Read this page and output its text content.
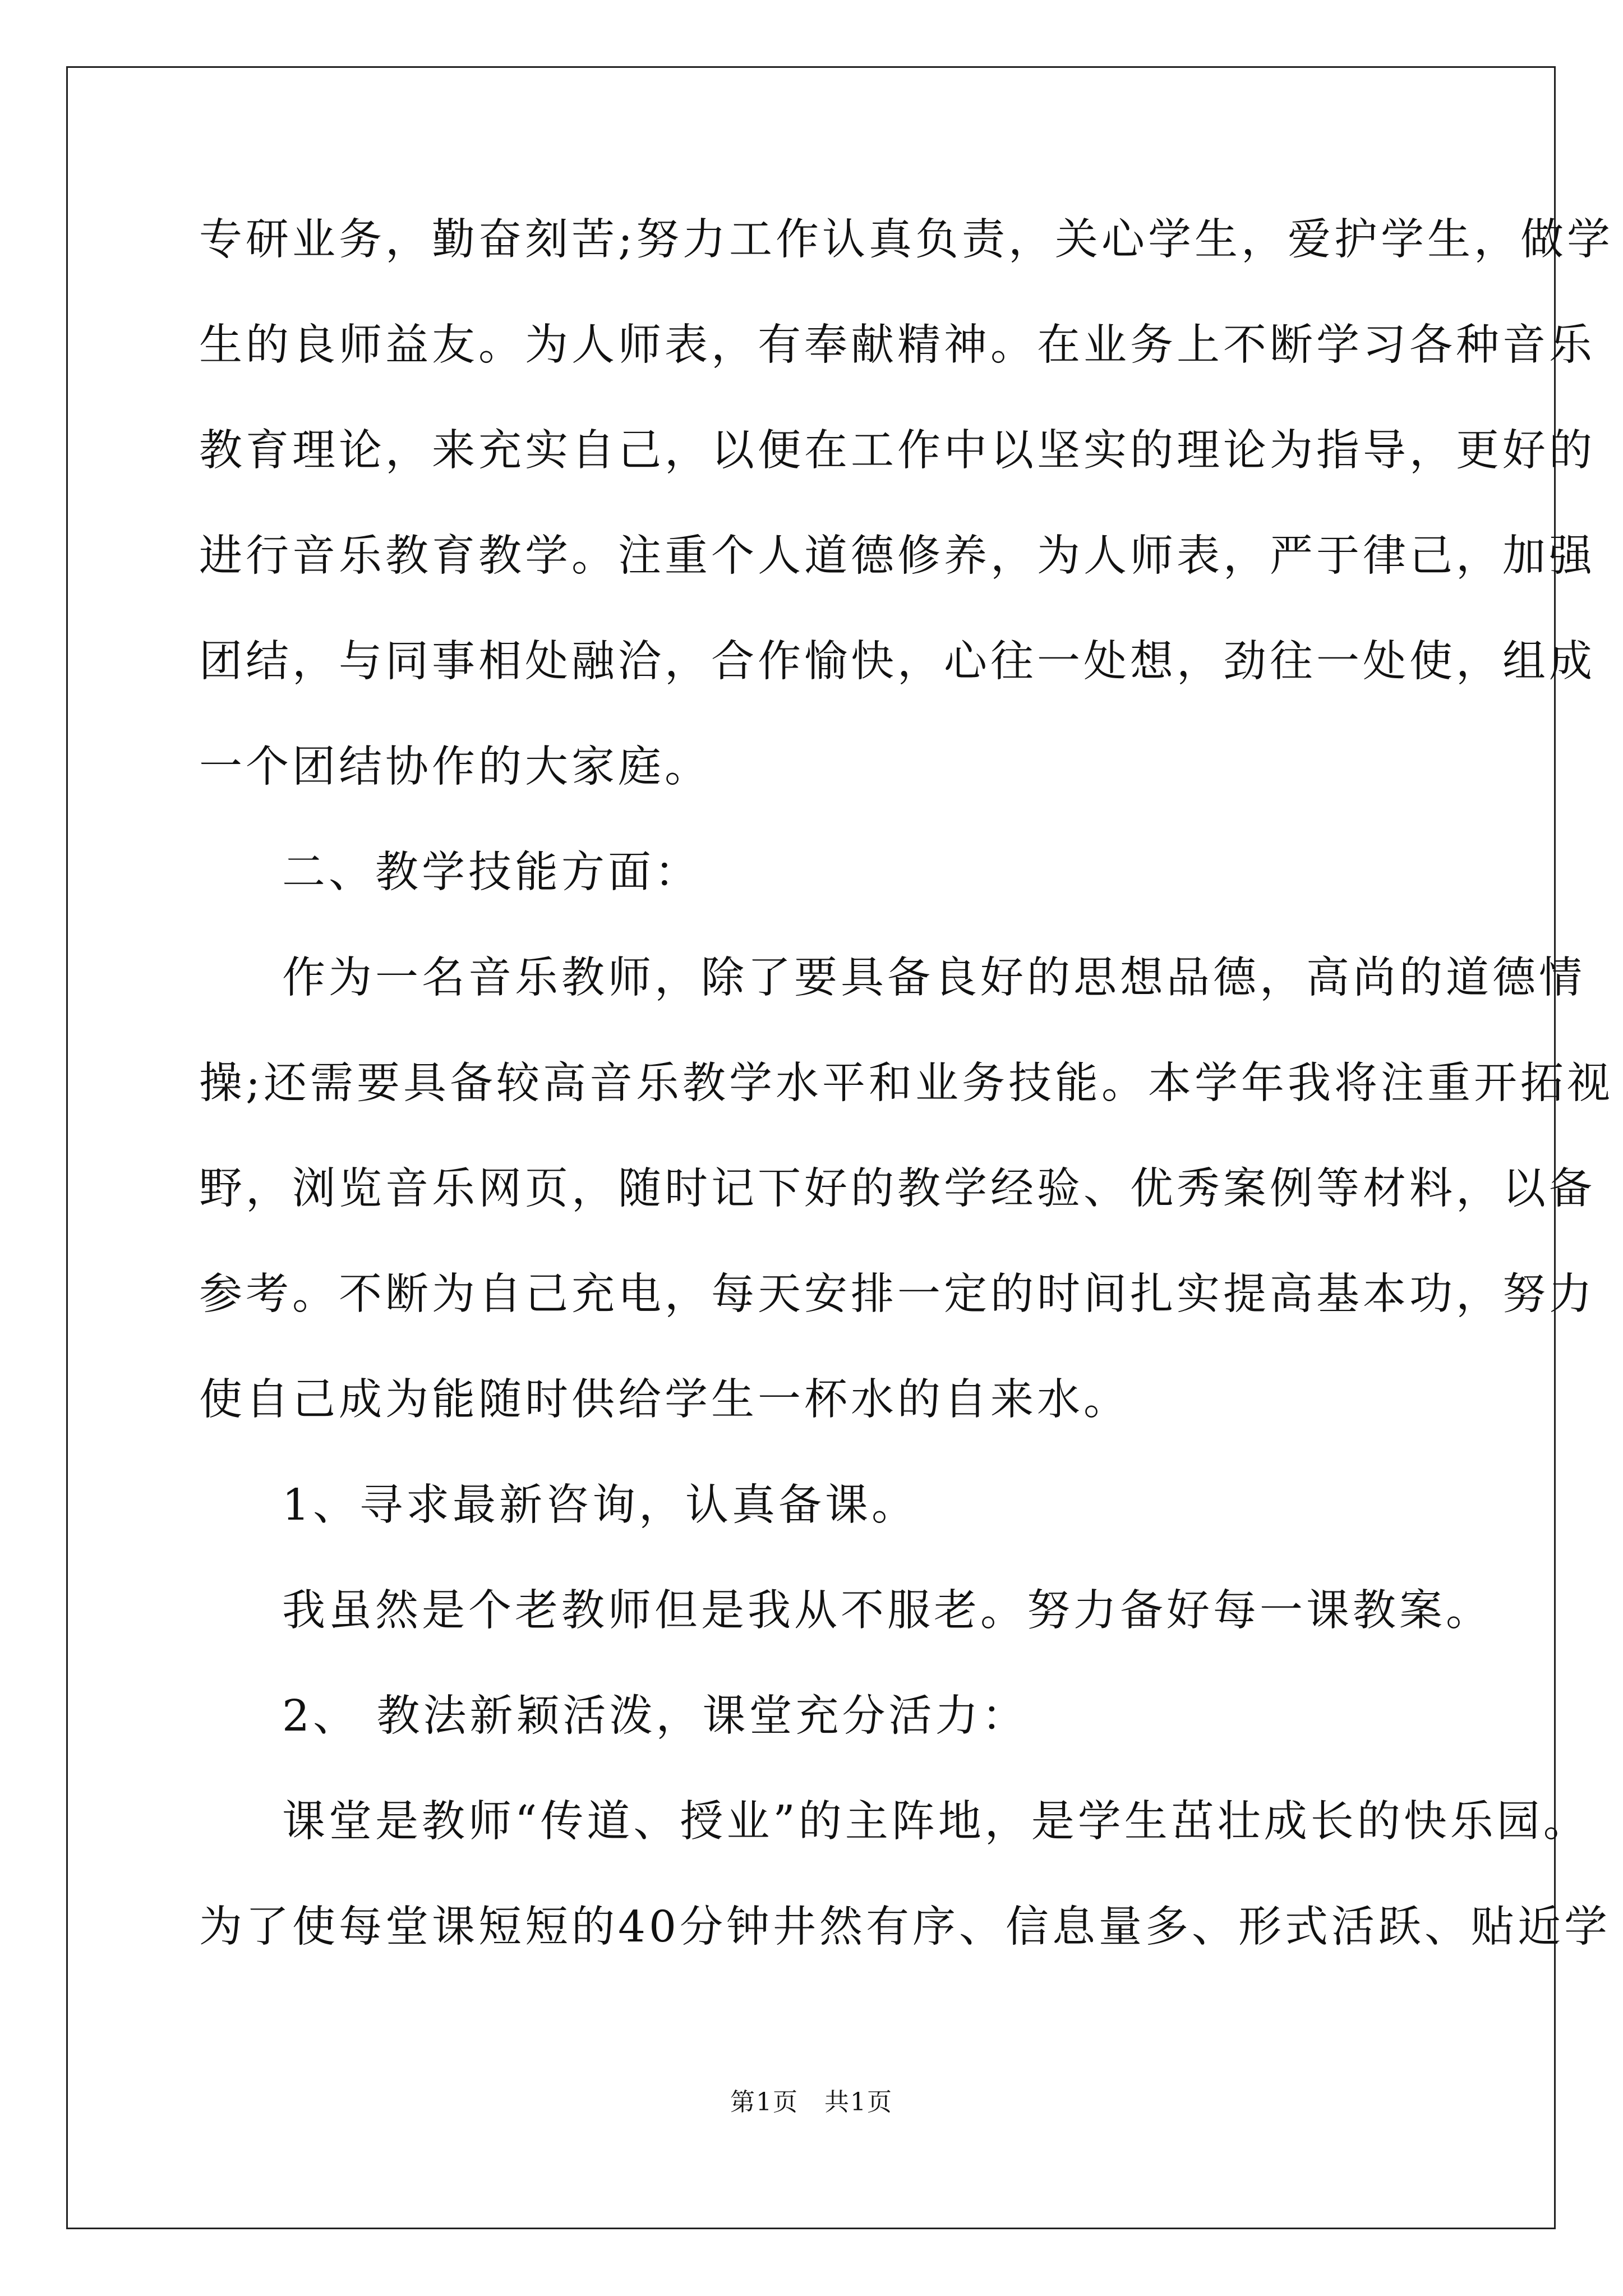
专研业务，勤奋刻苦;努力工作认真负责，关心学生，爱护学生，做学
生的良师益友。为人师表，有奉献精神。在业务上不断学习各种音乐
教育理论，来充实自己，以便在工作中以坚实的理论为指导，更好的
进行音乐教育教学。注重个人道德修养，为人师表，严于律己，加强
团结，与同事相处融洽，合作愉快，心往一处想，劲往一处使，组成
一个团结协作的大家庭。
二、教学技能方面：
作为一名音乐教师，除了要具备良好的思想品德，高尚的道德情
操;还需要具备较高音乐教学水平和业务技能。本学年我将注重开拓视
野，浏览音乐网页，随时记下好的教学经验、优秀案例等材料，以备
参考。不断为自己充电，每天安排一定的时间扎实提高基本功，努力
使自己成为能随时供给学生一杯水的自来水。
1、寻求最新咨询，认真备课。
我虽然是个老教师但是我从不服老。努力备好每一课教案。
2、 教法新颖活泼，课堂充分活力：
课堂是教师“传道、授业”的主阵地，是学生茁壮成长的快乐园。
为了使每堂课短短的40分钟井然有序、信息量多、形式活跃、贴近学
第1页　共1页
